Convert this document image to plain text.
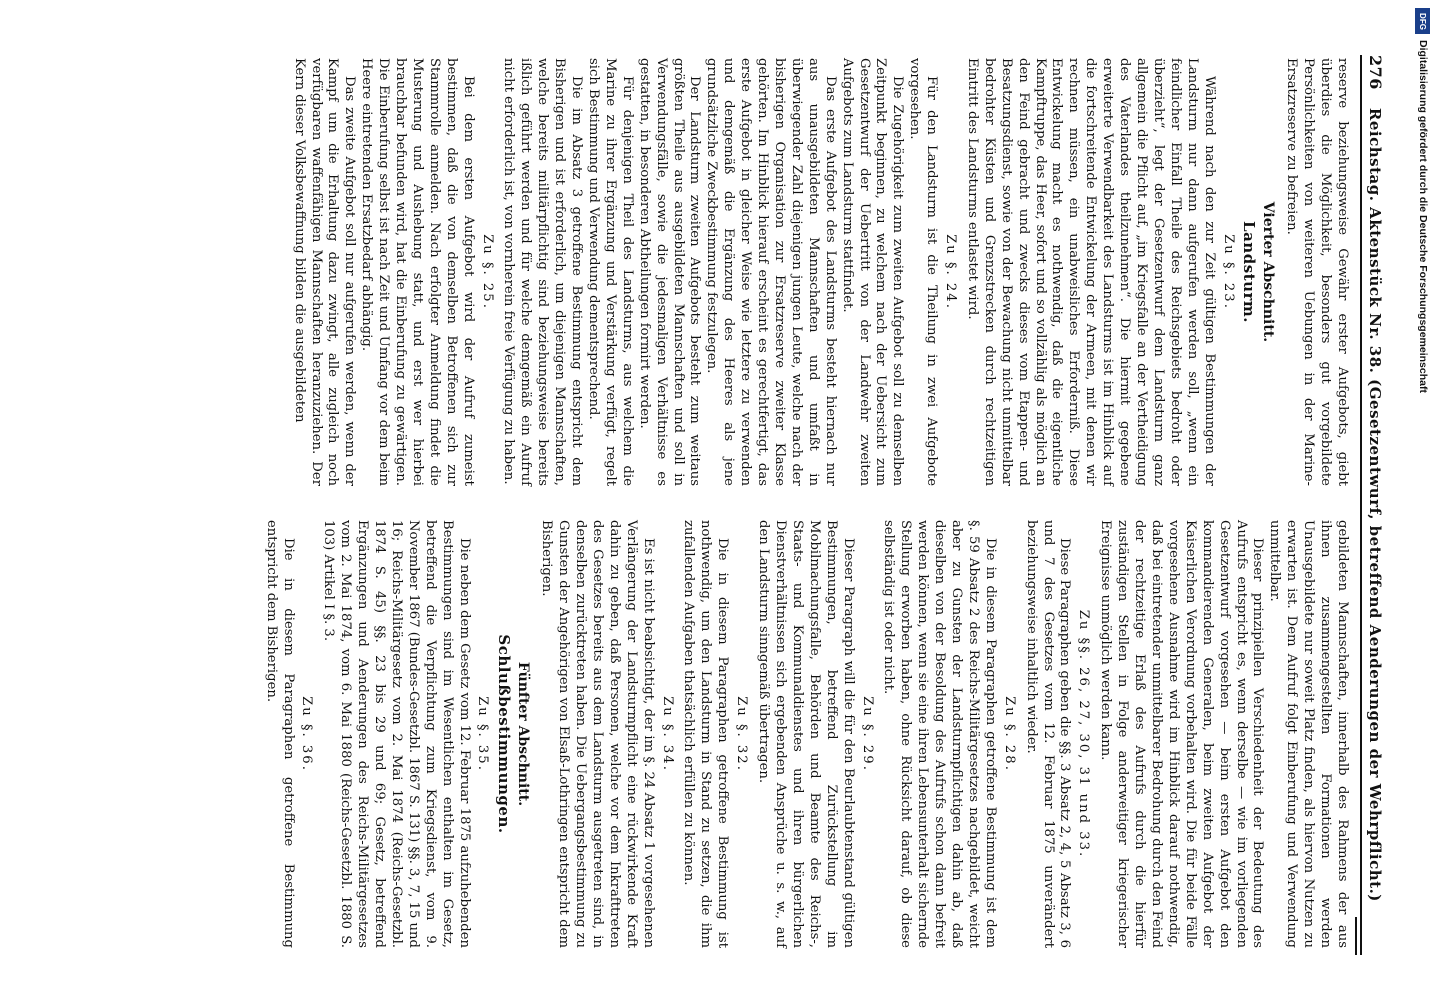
276
Reichstag. Aktenstück Nr. 38. (Gesetzentwurf, betreffend Aenderungen der Wehrpflicht.)

reserve beziehungsweise Gewähr erster Aufgebots, giebt überdies die Möglichkeit, besonders gut vorgebildete Persönlichkeiten von weiteren Uebungen in der Marine-Ersatzreserve zu befreien.

Vierter Abschnitt.
Landsturm.
Zu §. 23.

Während nach den zur Zeit gültigen Bestimmungen der Landsturm nur dann aufgerufen werden soll, „wenn ein feindlicher Einfall Theile des Reichsgebiets bedroht oder überzieht“, legt der Gesetzentwurf dem Landsturm ganz allgemein die Pflicht auf, „im Kriegsfalle an der Vertheidigung des Vaterlandes theilzunehmen“. Die hiermit gegebene erweiterte Verwendbarkeit des Landsturms ist im Hinblick auf die fortschreitende Entwickelung der Armeen, mit denen wir rechnen müssen, ein unabweisliches Erforderniß. Diese Entwickelung macht es nothwendig, daß die eigentliche Kampftruppe, das Heer, sofort und so vollzählig als möglich an den Feind gebracht und zwecks dieses vom Etappen- und Besatzungsdienst, sowie von der Bewachung nicht unmittelbar bedrohter Küsten und Grenzstrecken durch rechtzeitigen Eintritt des Landsturms entlastet wird.

Zu §. 24.

Für den Landsturm ist die Theilung in zwei Aufgebote vorgesehen.

Die Zugehörigkeit zum zweiten Aufgebot soll zu demselben Zeitpunkt beginnen, zu welchem nach der Uebersicht zum Gesetzentwurf der Uebertritt von der Landwehr zweiten Aufgebots zum Landsturm stattfindet.

Das erste Aufgebot des Landsturms besteht hiernach nur aus unausgebildeten Mannschaften und umfaßt in überwiegender Zahl diejenigen jungen Leute, welche nach der bisherigen Organisation zur Ersatzreserve zweiter Klasse gehörten. Im Hinblick hierauf erscheint es gerechtfertigt, das erste Aufgebot in gleicher Weise wie letztere zu verwenden und demgemäß die Ergänzung des Heeres als jene grundsätzliche Zweckbestimmung festzulegen.

Der Landsturm zweiten Aufgebots besteht zum weitaus größten Theile aus ausgebildeten Mannschaften und soll in Verwendungsfälle, sowie die jedesmaligen Verhältnisse es gestatten, in besonderen Abtheilungen formirt werden.

Für denjenigen Theil des Landsturms, aus welchem die Marine zu ihrer Ergänzung und Verstärkung verfügt, regelt sich Bestimmung und Verwendung dementsprechend.

Die im Absatz 3 getroffene Bestimmung entspricht dem Bisherigen und ist erforderlich, um diejenigen Mannschaften, welche bereits militärpflichtig sind beziehungsweise bereits ißlich geführt werden und für welche demgemäß ein Aufruf nicht erforderlich ist, von vornherein freie Verfügung zu haben.

Zu §. 25.

Bei dem ersten Aufgebot wird der Aufruf zumeist bestimmen, daß die von demselben Betroffenen sich zur Stammrolle anmelden. Nach erfolgter Anmeldung findet die Musterung und Aushebung statt, und erst wer hierbei brauchbar befunden wird, hat die Einberufung zu gewärtigen. Die Einberufung selbst ist nach Zeit und Umfang vor dem beim Heere eintretenden Ersatzbedarf abhängig.

Das zweite Aufgebot soll nur aufgerufen werden, wenn der Kampf um die Erhaltung dazu zwingt, alle zugleich noch verfügbaren waffenfähigen Mannschaften heranzuziehen. Der Kern dieser Volksbewaffnung bilden die ausgebildeten

gebildeten Mannschaften, innerhalb des Rahmens der aus ihnen zusammengestellten Formationen werden Unausgebildete nur soweit Platz finden, als hiervon Nutzen zu erwarten ist. Dem Aufruf folgt Einberufung und Verwendung unmittelbar.

Dieser prinzipiellen Verschiedenheit der Bedeutung des Aufrufs entspricht es, wenn derselbe — wie im vorliegenden Gesetzentwurf vorgesehen — beim ersten Aufgebot den kommandierenden Generalen, beim zweiten Aufgebot der Kaiserlichen Verordnung vorbehalten wird. Die für beide Fälle vorgesehene Ausnahme wird im Hinblick darauf nothwendig, daß bei eintretender unmittelbarer Bedrohung durch den Feind der rechtzeitige Erlaß des Aufrufs durch die hierfür zuständigen Stellen in Folge anderweitiger kriegerischer Ereignisse unmöglich werden kann.

Zu §§. 26, 27, 30, 31 und 33.

Diese Paragraphen geben die §§. 3 Absatz 2, 4, 5 Absatz 3, 6 und 7 des Gesetzes vom 12. Februar 1875 unverändert beziehungsweise inhaltlich wieder.

Zu §. 28.

Die in diesem Paragraphen getroffene Bestimmung ist dem §. 59 Absatz 2 des Reichs-Militärgesetzes nachgebildet, weicht aber zu Gunsten der Landsturmpflichtigen dahin ab, daß dieselben von der Besoldung des Aufrufs schon dann befreit werden können, wenn sie eine ihren Lebensunterhalt sichernde Stellung erworben haben, ohne Rücksicht darauf, ob diese selbständig ist oder nicht.

Zu §. 29.

Dieser Paragraph will die für den Beurlaubtenstand gültigen Bestimmungen, betreffend Zurückstellung im Mobilmachungsfalle, Behörden und Beamte des Reichs-, Staats- und Kommunaldienstes und ihren bürgerlichen Dienstverhältnissen sich ergebenden Ansprüche u. s. w., auf den Landsturm sinngemäß übertragen.

Zu §. 32.

Die in diesem Paragraphen getroffene Bestimmung ist nothwendig, um den Landsturm in Stand zu setzen, die ihm zufallenden Aufgaben thatsächlich erfüllen zu können.

Zu §. 34.

Es ist nicht beabsichtigt, der im §. 24 Absatz 1 vorgesehenen Verlängerung der Landsturmpflicht eine rückwirkende Kraft dahin zu geben, daß Personen, welche vor dem Inkrafttreten des Gesetzes bereits aus dem Landsturm ausgetreten sind, in denselben zurücktreten haben. Die Uebergangsbestimmung zu Gunsten der Angehörigen von Elsaß-Lothringen entspricht dem Bisherigen.

Fünfter Abschnitt.
Schlußbestimmungen.
Zu §. 35.

Die neben dem Gesetz vom 12. Februar 1875 aufzuhebenden Bestimmungen sind im Wesentlichen enthalten im Gesetz, betreffend die Verpflichtung zum Kriegsdienst, vom 9. November 1867 (Bundes-Gesetzbl. 1867 S. 131) §§. 3, 7, 15 und 16; Reichs-Militärgesetz vom 2. Mai 1874 (Reichs-Gesetzbl. 1874 S. 45) §§. 23 bis 29 und 69; Gesetz, betreffend Ergänzungen und Aenderungen des Reichs-Militärgesetzes vom 2. Mai 1874, vom 6. Mai 1880 (Reichs-Gesetzbl. 1880 S. 103) Artikel I §. 3.

Zu §. 36.

Die in diesem Paragraphen getroffene Bestimmung entspricht dem Bisherigen.

DFG
Digitalisierung gefördert durch die Deutsche Forschungsgemeinschaft
